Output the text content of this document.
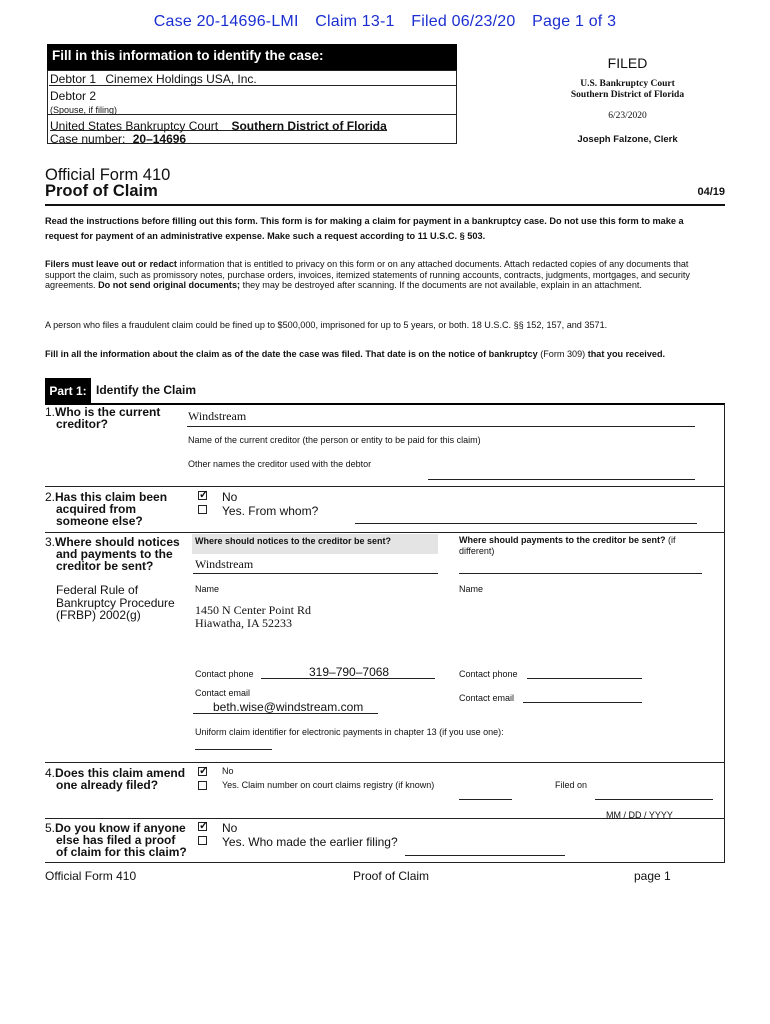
Case 20-14696-LMI Claim 13-1 Filed 06/23/20 Page 1 of 3
Fill in this information to identify the case:
Debtor 1 Cinemex Holdings USA, Inc.
Debtor 2
(Spouse, if filing)
United States Bankruptcy Court Southern District of Florida
Case number: 20–14696
FILED
U.S. Bankruptcy Court
Southern District of Florida
6/23/2020
Joseph Falzone, Clerk
Official Form 410
Proof of Claim	04/19
Read the instructions before filling out this form. This form is for making a claim for payment in a bankruptcy case. Do not use this form to make a request for payment of an administrative expense. Make such a request according to 11 U.S.C. § 503.
Filers must leave out or redact information that is entitled to privacy on this form or on any attached documents. Attach redacted copies of any documents that support the claim, such as promissory notes, purchase orders, invoices, itemized statements of running accounts, contracts, judgments, mortgages, and security agreements. Do not send original documents; they may be destroyed after scanning. If the documents are not available, explain in an attachment.
A person who files a fraudulent claim could be fined up to $500,000, imprisoned for up to 5 years, or both. 18 U.S.C. §§ 152, 157, and 3571.
Fill in all the information about the claim as of the date the case was filed. That date is on the notice of bankruptcy (Form 309) that you received.
Part 1: Identify the Claim
1.Who is the current
creditor?
Windstream
Name of the current creditor (the person or entity to be paid for this claim)
Other names the creditor used with the debtor
2.Has this claim been
acquired from
someone else?
✓
No
Yes. From whom?
3.Where should notices
and payments to the
creditor be sent?
Federal Rule of
Bankruptcy Procedure
(FRBP) 2002(g)
Where should notices to the creditor be sent?	Where should payments to the creditor be sent? (if different)
Windstream
Name	Name
1450 N Center Point Rd
Hiawatha, IA 52233
Contact phone	319–790–7068	Contact phone
Contact email
beth.wise@windstream.com
Contact email
Uniform claim identifier for electronic payments in chapter 13 (if you use one):
4.Does this claim amend
one already filed?
✓
No
Yes. Claim number on court claims registry (if known)	Filed on
MM / DD / YYYY
5.Do you know if anyone
else has filed a proof
of claim for this claim?
✓
No
Yes. Who made the earlier filing?
Official Form 410	Proof of Claim	page 1
